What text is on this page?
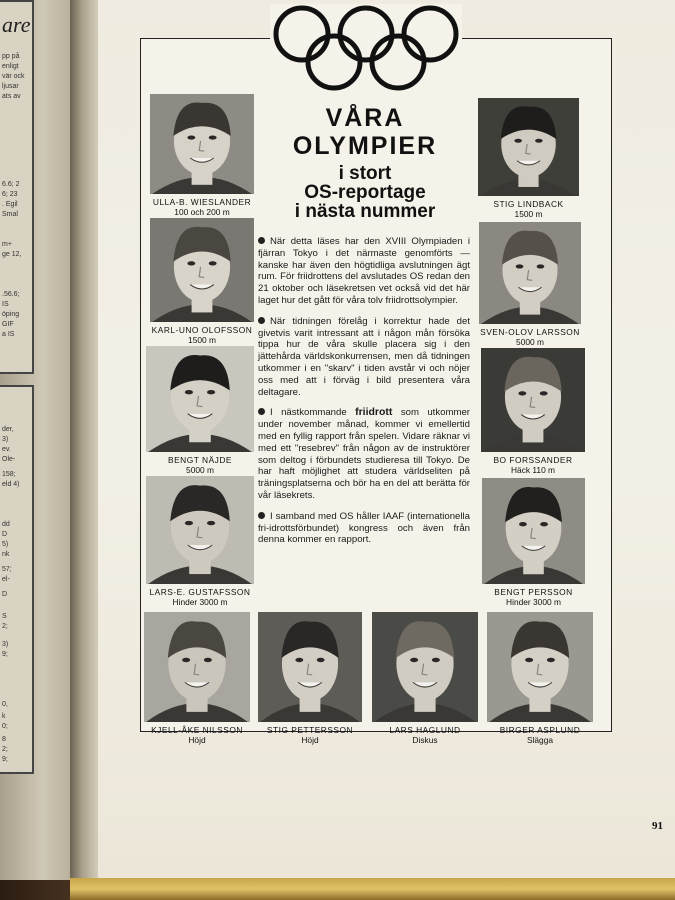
are
pp på
enligt
vär ock
ljusar
ats av
6.6; 2
6; 23
. Egil
Smal
m+
ge 12,
.56.6;
IS
öping
GIF
a IS
der,
3)
ev.
Ole-
158;
eld 4)
dd
D
5)
nk
57;
el-
D
S
2;
3)
9;
0,
k
0;
8
2;
9;
VÅRA
OLYMPIER
i stort
OS-reportage
i nästa nummer

När detta läses har den XVIII Olympiaden i fjärran Tokyo i det närmaste genomförts — kanske har även den högtidliga avslutningen ägt rum. För friidrottens del avslutades OS redan den 21 oktober och läsekretsen vet också vid det här laget hur det gått för våra tolv friidrottsolympier.

När tidningen förelåg i korrektur hade det givetvis varit intressant att i någon mån försöka tippa hur de våra skulle placera sig i den jättehårda världskonkurrensen, men då tidningen utkommer i en "skarv" i tiden avstår vi och nöjer oss med att i förväg i bild presentera våra deltagare.

I nästkommande friidrott som utkommer under november månad, kommer vi emellertid med en fyllig rapport från spelen. Vidare räknar vi med ett "resebrev" från någon av de instruktörer som deltog i förbundets studieresa till Tokyo. De har haft möjlighet att studera världseliten på träningsplatserna och bör ha en del att berätta för vår läsekrets.

I samband med OS håller IAAF (internationella fri-idrottsförbundet) kongress och även från denna kommer en rapport.

ULLA-B. WIESLANDER
100 och 200 m
STIG LINDBACK
1500 m
KARL-UNO OLOFSSON
1500 m
SVEN-OLOV LARSSON
5000 m
BENGT NÄJDE
5000 m
BO FORSSANDER
Häck 110 m
LARS-E. GUSTAFSSON
Hinder 3000 m
BENGT PERSSON
Hinder 3000 m
KJELL-ÅKE NILSSON
Höjd
STIG PETTERSSON
Höjd
LARS HAGLUND
Diskus
BIRGER ASPLUND
Slägga
91
